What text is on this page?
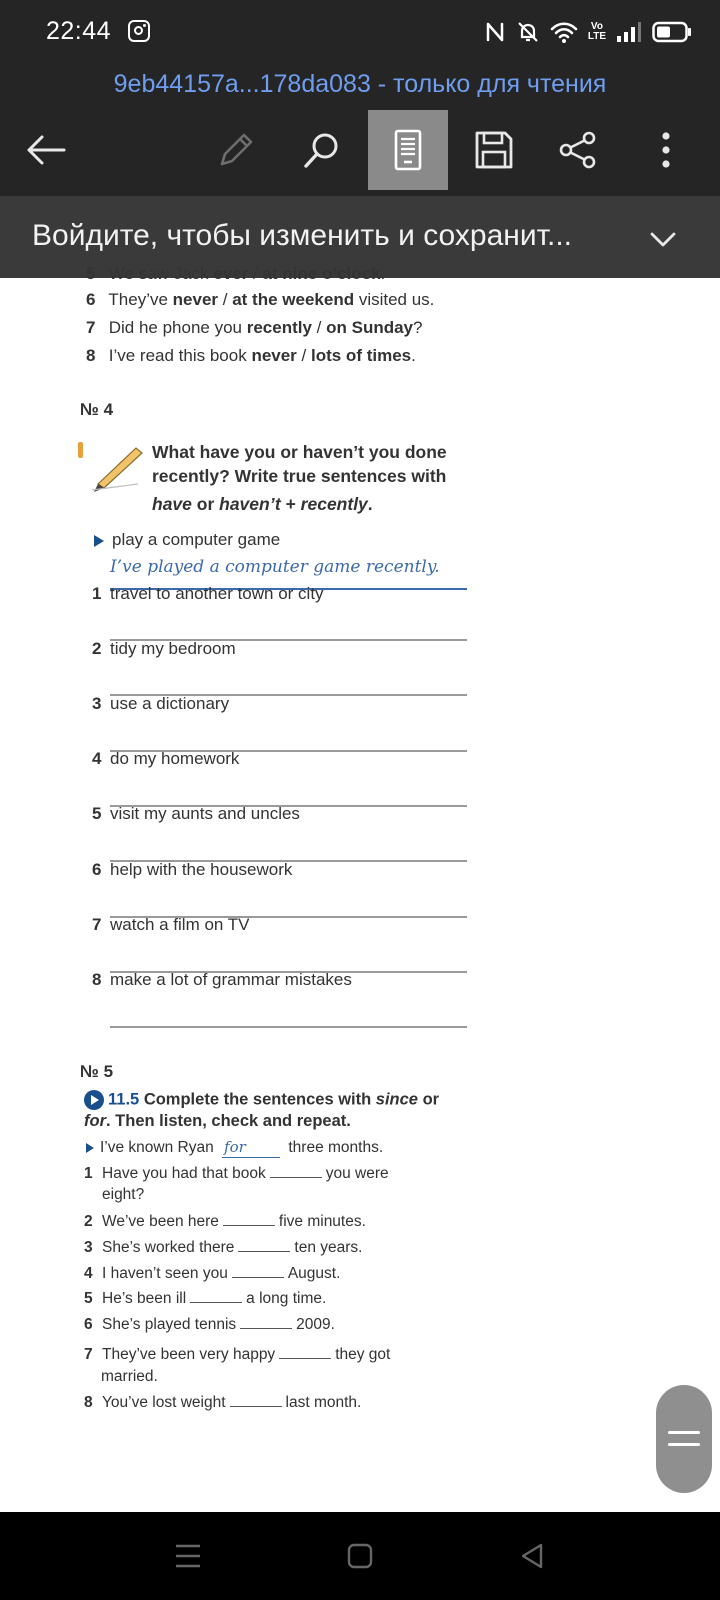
22:44	Vo
LTE
9eb44157a...178da083 - только для чтения
Войдите, чтобы изменить и сохранит...
5 We saw Jack ever / at nine o’clock.
6 They’ve never / at the weekend visited us.
7 Did he phone you recently / on Sunday?
8 I’ve read this book never / lots of times.
№ 4
What have you or haven’t you done
recently? Write true sentences with
have or haven’t + recently.
play a computer game
I’ve played a computer game recently.
1 travel to another town or city
2 tidy my bedroom
3 use a dictionary
4 do my homework
5 visit my aunts and uncles
6 help with the housework
7 watch a film on TV
8 make a lot of grammar mistakes
№ 5
11.5 Complete the sentences with since or
for. Then listen, check and repeat.
I’ve known Ryan for	three months.
1 Have you had that book	you were
eight?
2 We’ve been here	five minutes.
3 She’s worked there	ten years.
4 I haven’t seen you	August.
5 He’s been ill	a long time.
6 She’s played tennis	2009.
7 They’ve been very happy	they got
married.
8 You’ve lost weight	last month.
